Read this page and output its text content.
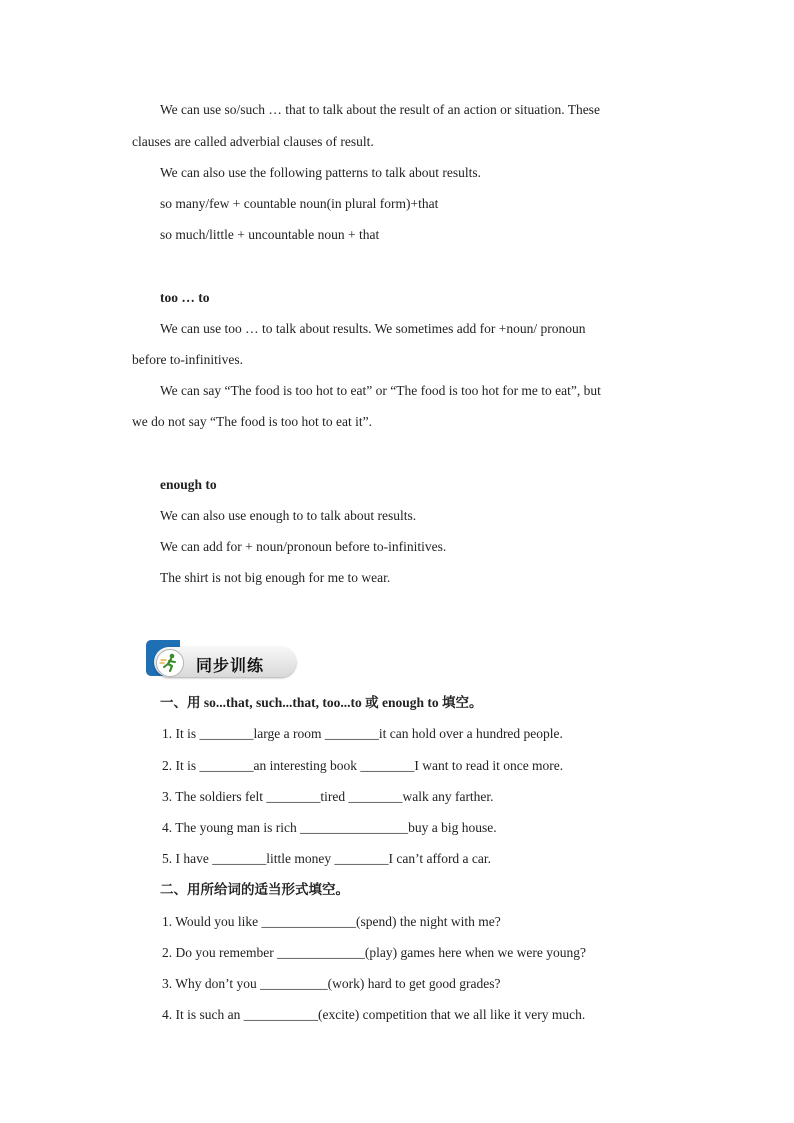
We can use so/such … that to talk about the result of an action or situation. These
clauses are called adverbial clauses of result.
We can also use the following patterns to talk about results.
so many/few + countable noun(in plural form)+that
so much/little + uncountable noun + that
too … to
We can use too … to talk about results. We sometimes add for +noun/ pronoun
before to-infinitives.
We can say “The food is too hot to eat” or “The food is too hot for me to eat”, but
we do not say “The food is too hot to eat it”.
enough to
We can also use enough to to talk about results.
We can add for + noun/pronoun before to-infinitives.
The shirt is not big enough for me to wear.
同步训练
一、用 so...that, such...that, too...to 或 enough to 填空。
1. It is ________large a room ________it can hold over a hundred people.
2. It is ________an interesting book ________I want to read it once more.
3. The soldiers felt ________tired ________walk any farther.
4. The young man is rich ________________buy a big house.
5. I have ________little money ________I can’t afford a car.
二、用所给词的适当形式填空。
1. Would you like ______________(spend) the night with me?
2. Do you remember _____________(play) games here when we were young?
3. Why don’t you __________(work) hard to get good grades?
4. It is such an ___________(excite) competition that we all like it very much.
